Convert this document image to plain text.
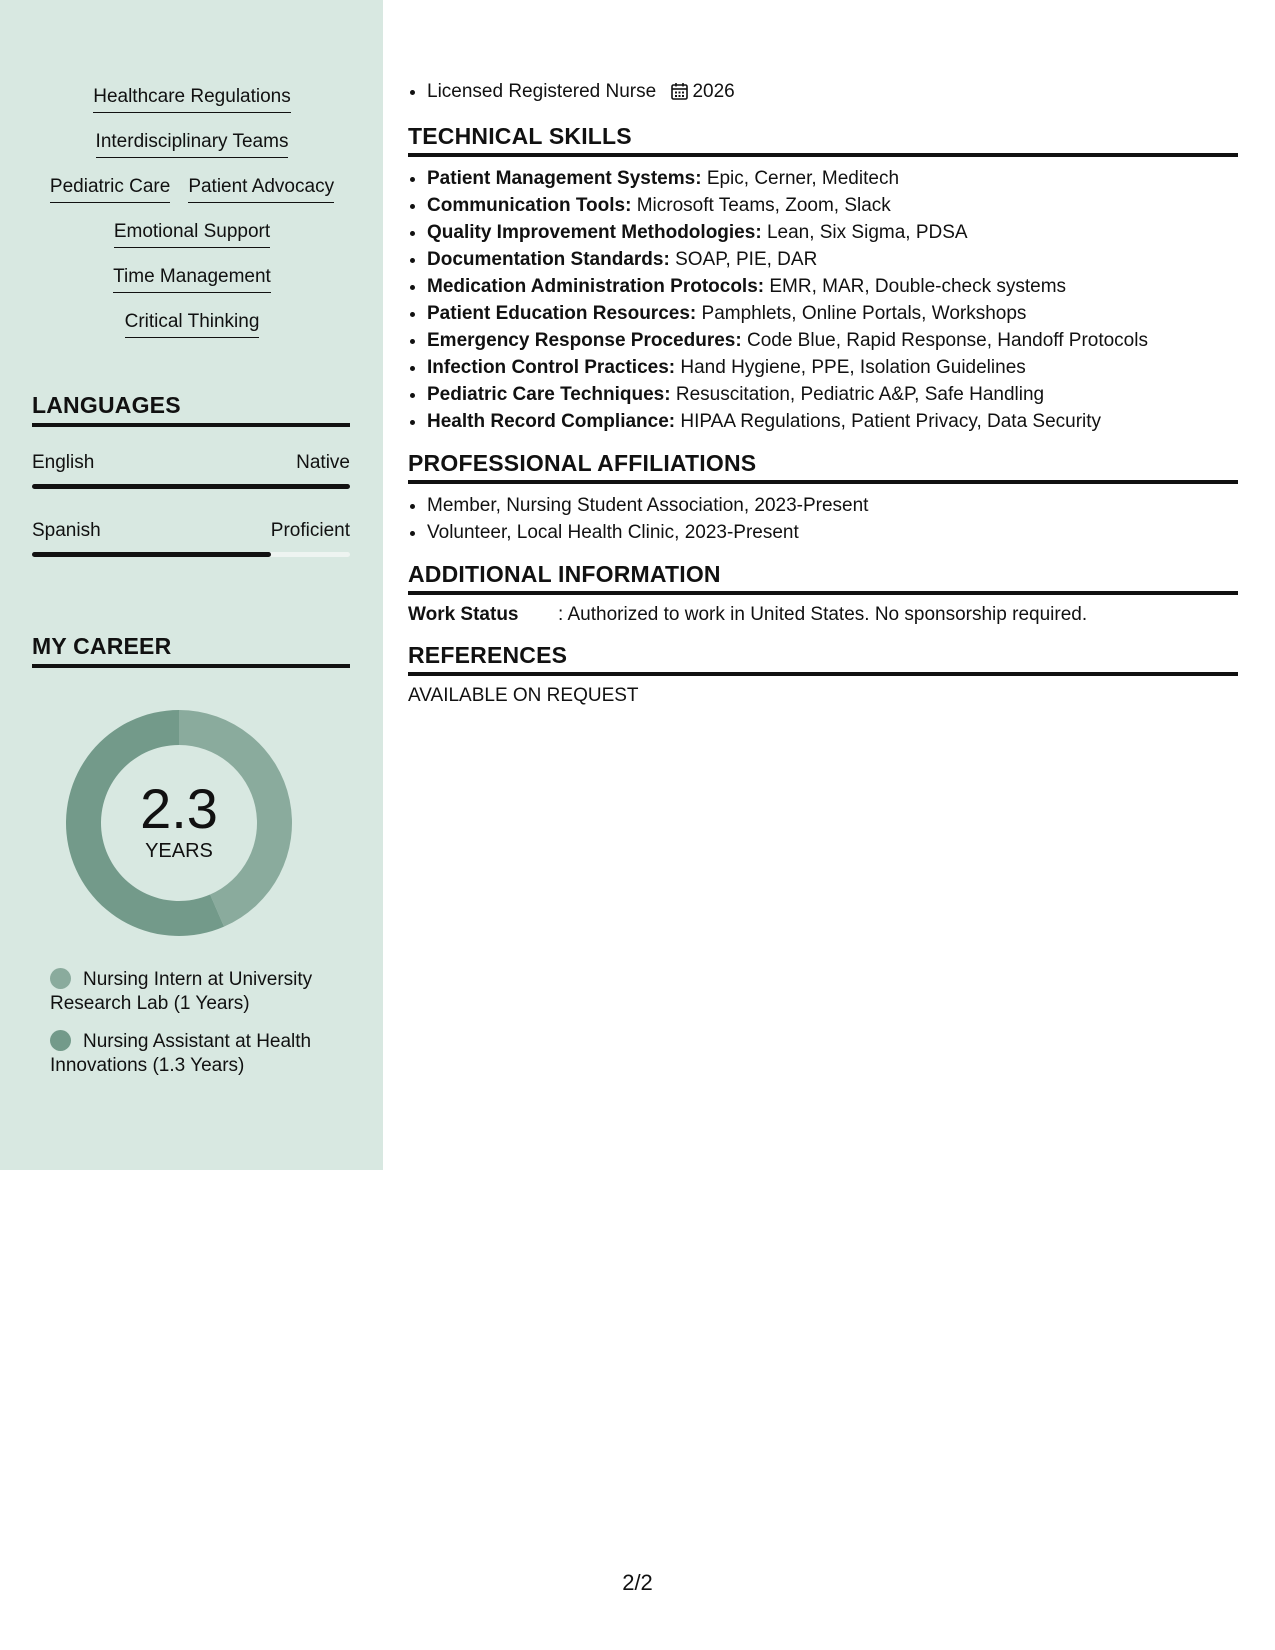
Healthcare Regulations
Interdisciplinary Teams
Pediatric Care Patient Advocacy
Emotional Support
Time Management
Critical Thinking
LANGUAGES
English	Native
Spanish	Proficient
MY CAREER
2.3
YEARS
Nursing Intern at University Research Lab (1 Years)
Nursing Assistant at Health Innovations (1.3 Years)
• Licensed Registered Nurse 2026
TECHNICAL SKILLS
• Patient Management Systems: Epic, Cerner, Meditech
• Communication Tools: Microsoft Teams, Zoom, Slack
• Quality Improvement Methodologies: Lean, Six Sigma, PDSA
• Documentation Standards: SOAP, PIE, DAR
• Medication Administration Protocols: EMR, MAR, Double-check systems
• Patient Education Resources: Pamphlets, Online Portals, Workshops
• Emergency Response Procedures: Code Blue, Rapid Response, Handoff Protocols
• Infection Control Practices: Hand Hygiene, PPE, Isolation Guidelines
• Pediatric Care Techniques: Resuscitation, Pediatric A&P, Safe Handling
• Health Record Compliance: HIPAA Regulations, Patient Privacy, Data Security
PROFESSIONAL AFFILIATIONS
• Member, Nursing Student Association, 2023-Present
• Volunteer, Local Health Clinic, 2023-Present
ADDITIONAL INFORMATION
Work Status	: Authorized to work in United States. No sponsorship required.
REFERENCES
AVAILABLE ON REQUEST
2/2
